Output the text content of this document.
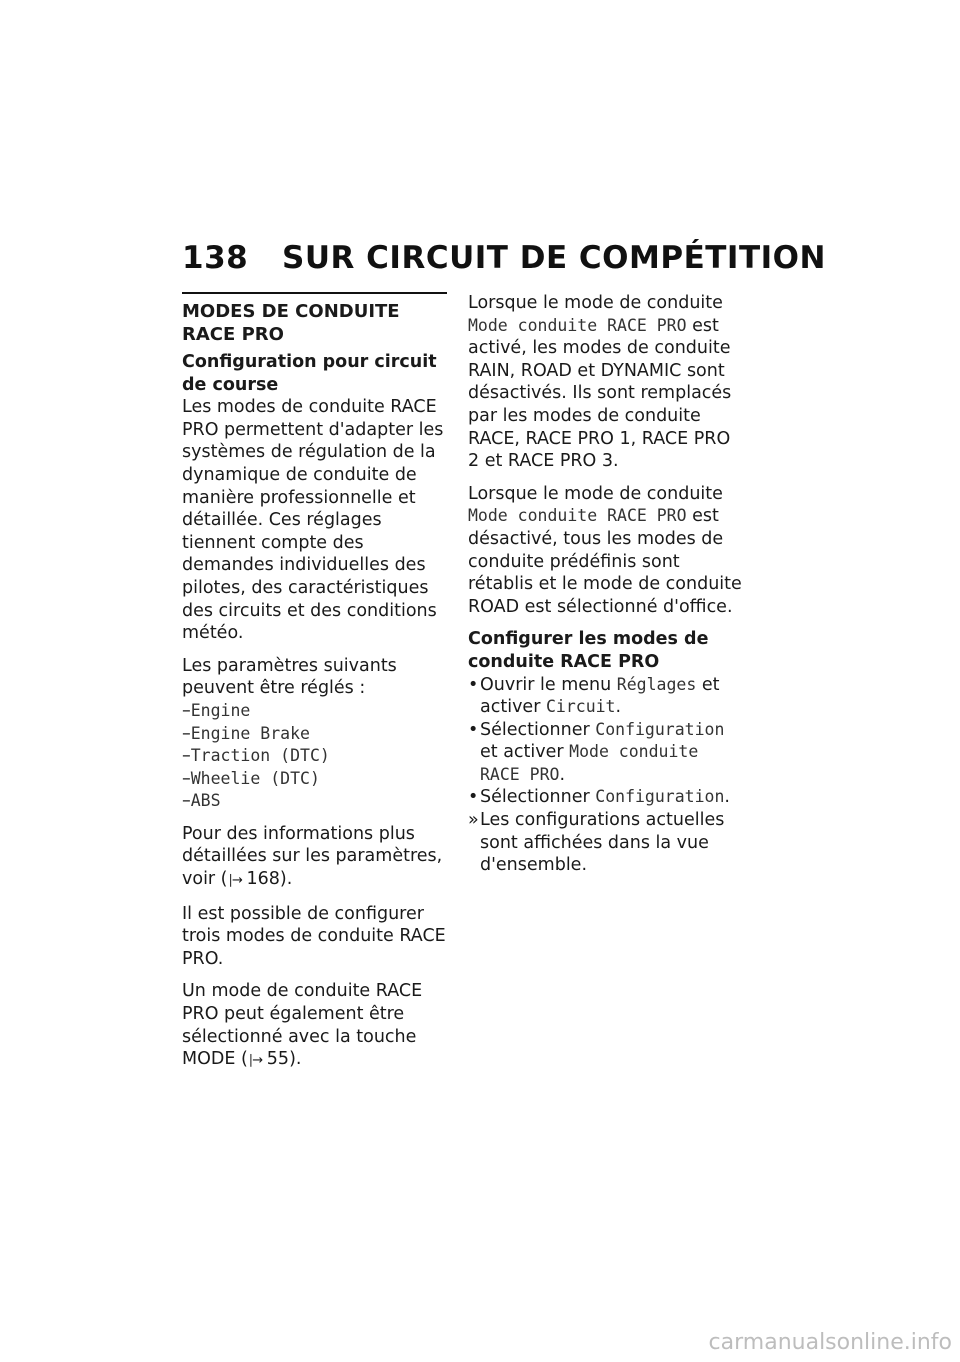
138 SUR CIRCUIT DE COMPÉTITION
MODES DE CONDUITE
RACE PRO
Configuration pour circuit de course

Les modes de conduite RACE PRO permettent d'adapter les systèmes de régulation de la dynamique de conduite de manière professionnelle et détaillée. Ces réglages tiennent compte des demandes individuelles des pilotes, des caractéristiques des circuits et des conditions météo.

Les paramètres suivants peuvent être réglés :

– Engine
– Engine Brake
– Traction (DTC)
– Wheelie (DTC)
– ABS

Pour des informations plus détaillées sur les paramètres, voir (∣→ 168).

Il est possible de configurer trois modes de conduite RACE PRO.

Un mode de conduite RACE PRO peut également être sélectionné avec la touche MODE (∣→ 55).

Lorsque le mode de conduite Mode conduite RACE PRO est activé, les modes de conduite RAIN, ROAD et DYNAMIC sont désactivés. Ils sont remplacés par les modes de conduite RACE, RACE PRO 1, RACE PRO 2 et RACE PRO 3.

Lorsque le mode de conduite Mode conduite RACE PRO est désactivé, tous les modes de conduite prédéfinis sont rétablis et le mode de conduite ROAD est sélectionné d'office.

Configurer les modes de conduite RACE PRO
• Ouvrir le menu Réglages et activer Circuit.
• Sélectionner Configuration et activer Mode conduite RACE PRO.
• Sélectionner Configuration.
» Les configurations actuelles sont affichées dans la vue d'ensemble.
carmanualsonline.info
